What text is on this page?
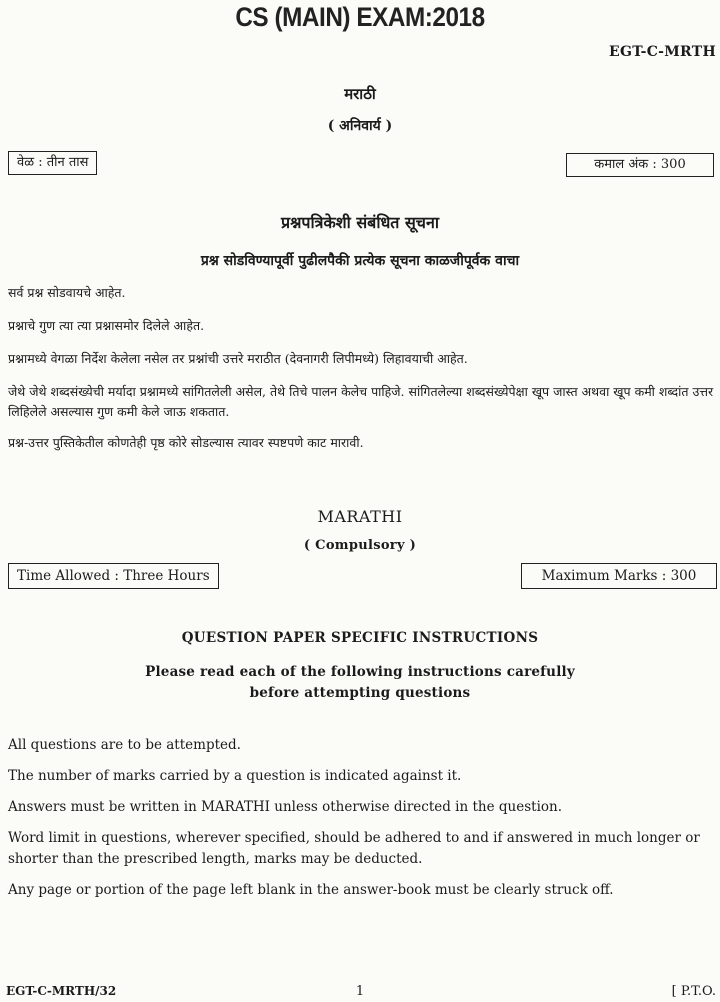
CS (MAIN) EXAM:2018
EGT-C-MRTH
मराठी
( अनिवार्य )
वेळ : तीन तास	कमाल अंक : 300
प्रश्नपत्रिकेशी संबंधित सूचना
प्रश्न सोडविण्यापूर्वी पुढीलपैकी प्रत्येक सूचना काळजीपूर्वक वाचा

सर्व प्रश्न सोडवायचे आहेत.

प्रश्नाचे गुण त्या त्या प्रश्नासमोर दिलेले आहेत.

प्रश्नामध्ये वेगळा निर्देश केलेला नसेल तर प्रश्नांची उत्तरे मराठीत (देवनागरी लिपीमध्ये) लिहावयाची आहेत.

जेथे जेथे शब्दसंख्येची मर्यादा प्रश्नामध्ये सांगितलेली असेल, तेथे तिचे पालन केलेच पाहिजे. सांगितलेल्या शब्दसंख्येपेक्षा खूप जास्त अथवा खूप कमी शब्दांत उत्तर लिहिलेले असल्यास गुण कमी केले जाऊ शकतात.

प्रश्न-उत्तर पुस्तिकेतील कोणतेही पृष्ठ कोरे सोडल्यास त्यावर स्पष्टपणे काट मारावी.

MARATHI
( Compulsory )
Time Allowed : Three Hours	Maximum Marks : 300
QUESTION PAPER SPECIFIC INSTRUCTIONS
Please read each of the following instructions carefully
before attempting questions

All questions are to be attempted.

The number of marks carried by a question is indicated against it.

Answers must be written in MARATHI unless otherwise directed in the question.

Word limit in questions, wherever specified, should be adhered to and if answered in much longer or shorter than the prescribed length, marks may be deducted.

Any page or portion of the page left blank in the answer-book must be clearly struck off.

EGT-C-MRTH/32	1	[ P.T.O.
